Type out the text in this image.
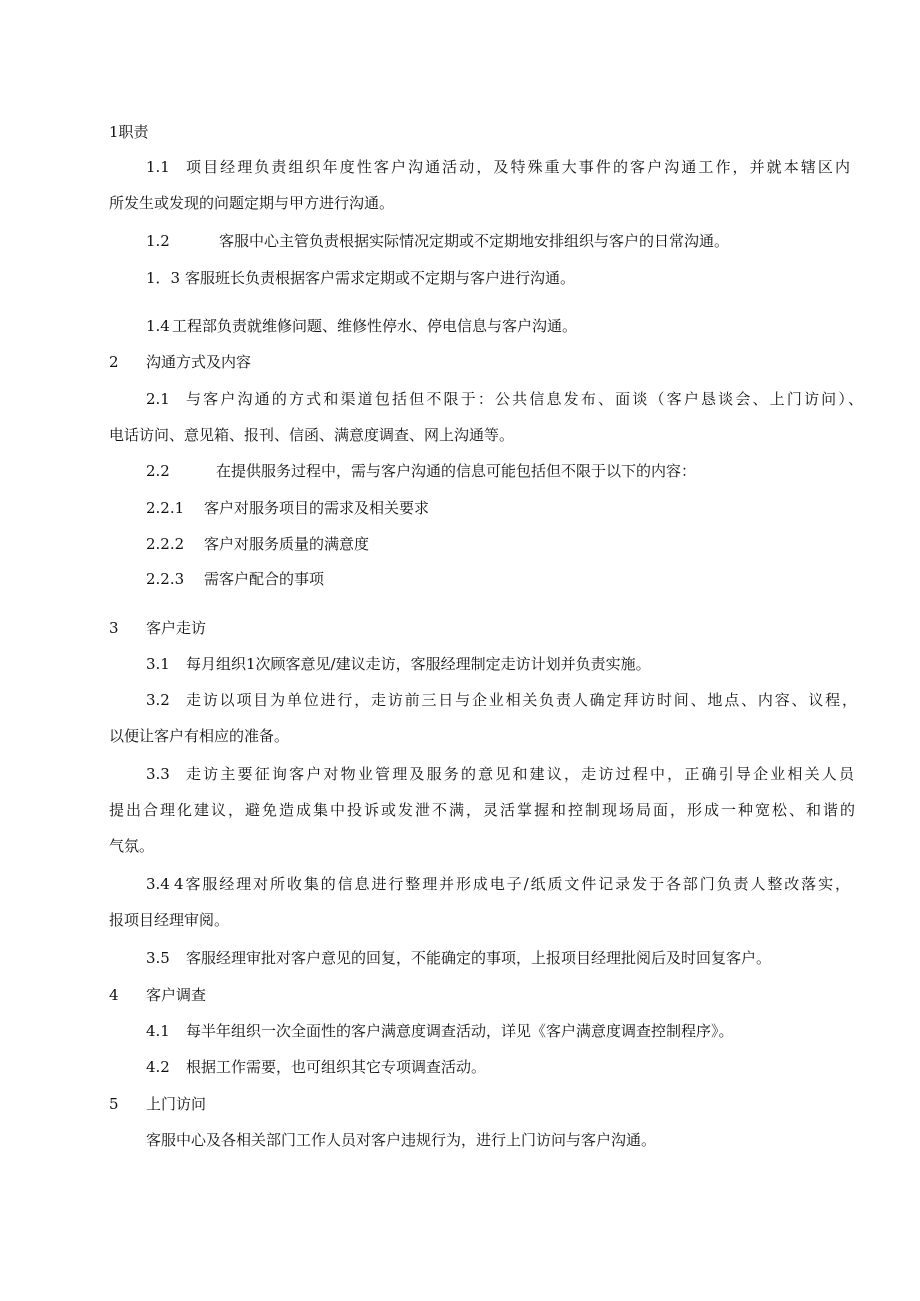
1职责
1.1 项目经理负责组织年度性客户沟通活动，及特殊重大事件的客户沟通工作，并就本辖区内
所发生或发现的问题定期与甲方进行沟通。
1.2	客服中心主管负责根据实际情况定期或不定期地安排组织与客户的日常沟通。
1．3 客服班长负责根据客户需求定期或不定期与客户进行沟通。
1.4 工程部负责就维修问题、维修性停水、停电信息与客户沟通。
2 沟通方式及内容
2.1 与客户沟通的方式和渠道包括但不限于：公共信息发布、面谈（客户恳谈会、上门访问）、
电话访问、意见箱、报刊、信函、满意度调查、网上沟通等。
2.2	在提供服务过程中，需与客户沟通的信息可能包括但不限于以下的内容：
2.2.1 客户对服务项目的需求及相关要求
2.2.2 客户对服务质量的满意度
2.2.3 需客户配合的事项
3 客户走访
3.1 每月组织1次顾客意见/建议走访，客服经理制定走访计划并负责实施。
3.2 走访以项目为单位进行，走访前三日与企业相关负责人确定拜访时间、地点、内容、议程，
以便让客户有相应的准备。
3.3 走访主要征询客户对物业管理及服务的意见和建议，走访过程中，正确引导企业相关人员
提出合理化建议，避免造成集中投诉或发泄不满，灵活掌握和控制现场局面，形成一种宽松、和谐的
气氛。
3.4 4客服经理对所收集的信息进行整理并形成电子/纸质文件记录发于各部门负责人整改落实，
报项目经理审阅。
3.5 客服经理审批对客户意见的回复，不能确定的事项，上报项目经理批阅后及时回复客户。
4 客户调查
4.1 每半年组织一次全面性的客户满意度调查活动，详见《客户满意度调查控制程序》。
4.2 根据工作需要，也可组织其它专项调查活动。
5 上门访问
客服中心及各相关部门工作人员对客户违规行为，进行上门访问与客户沟通。
